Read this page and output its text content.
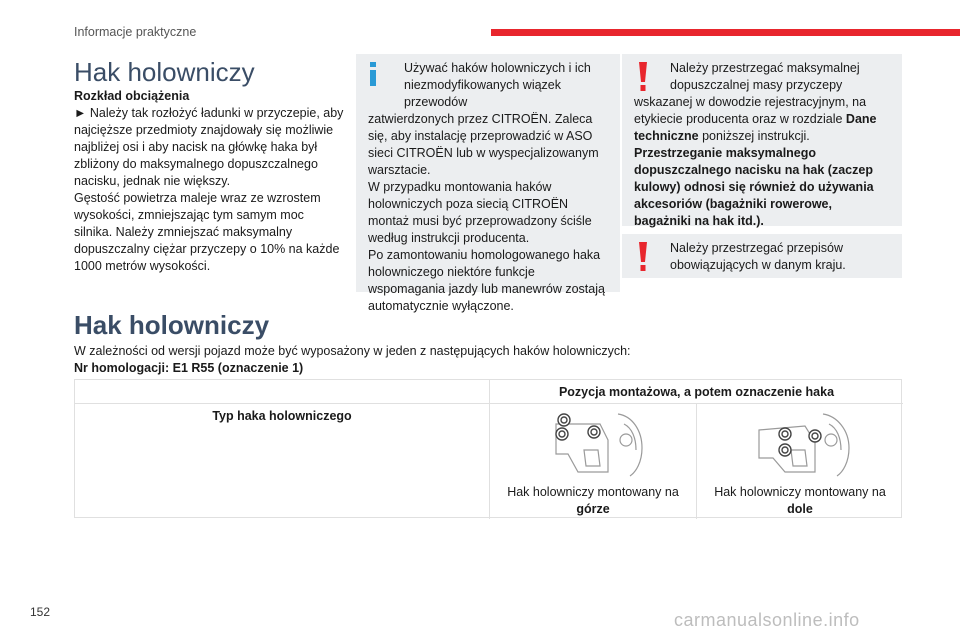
Informacje praktyczne
Hak holowniczy
Rozkład obciążenia
► Należy tak rozłożyć ładunki w przyczepie, aby najcięższe przedmioty znajdowały się możliwie najbliżej osi i aby nacisk na główkę haka był zbliżony do maksymalnego dopuszczalnego nacisku, jednak nie większy.
Gęstość powietrza maleje wraz ze wzrostem wysokości, zmniejszając tym samym moc silnika. Należy zmniejszać maksymalny dopuszczalny ciężar przyczepy o 10% na każde 1000 metrów wysokości.
Używać haków holowniczych i ich niezmodyfikowanych wiązek przewodów
zatwierdzonych przez CITROËN. Zaleca się, aby instalację przeprowadzić w ASO sieci CITROËN lub w wyspecjalizowanym warsztacie.
W przypadku montowania haków holowniczych poza siecią CITROËN montaż musi być przeprowadzony ściśle według instrukcji producenta.
Po zamontowaniu homologowanego haka holowniczego niektóre funkcje wspomagania jazdy lub manewrów zostają automatycznie wyłączone.
Należy przestrzegać maksymalnej dopuszczalnej masy przyczepy
wskazanej w dowodzie rejestracyjnym, na etykiecie producenta oraz w rozdziale Dane techniczne poniższej instrukcji.
Przestrzeganie maksymalnego dopuszczalnego nacisku na hak (zaczep kulowy) odnosi się również do używania akcesoriów (bagażniki rowerowe, bagażniki na hak itd.).
Należy przestrzegać przepisów obowiązujących w danym kraju.
Hak holowniczy
W zależności od wersji pojazd może być wyposażony w jeden z następujących haków holowniczych:
Nr homologacji: E1 R55 (oznaczenie 1)
Pozycja montażowa, a potem oznaczenie haka
Typ haka holowniczego
Hak holowniczy montowany na
górze
Hak holowniczy montowany na
dole
152	carmanualsonline.info
